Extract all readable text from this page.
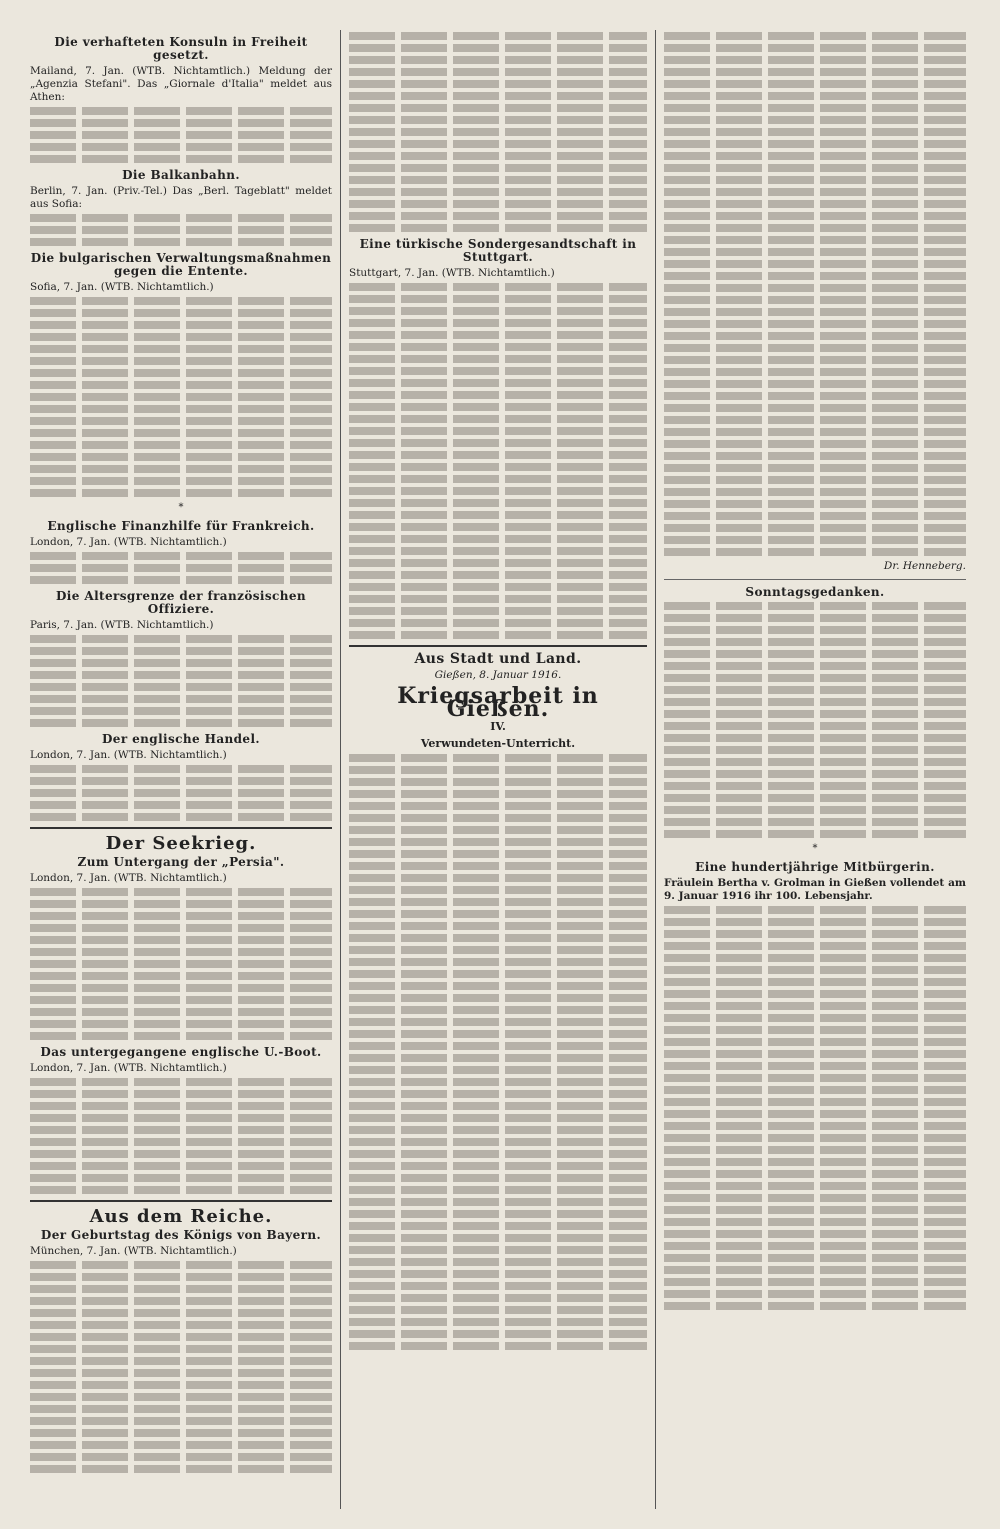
Die verhafteten Konsuln in Freiheit gesetzt.

Mailand, 7. Jan. (WTB. Nichtamtlich.) Meldung der „Agenzia Stefani". Das „Giornale d'Italia" meldet aus Athen:

Die Balkanbahn.

Berlin, 7. Jan. (Priv.-Tel.) Das „Berl. Tageblatt" meldet aus Sofia:

Die bulgarischen Verwaltungsmaßnahmen gegen die Entente.

Sofia, 7. Jan. (WTB. Nichtamtlich.)

*
Englische Finanzhilfe für Frankreich.

London, 7. Jan. (WTB. Nichtamtlich.)

Die Altersgrenze der französischen Offiziere.

Paris, 7. Jan. (WTB. Nichtamtlich.)

Der englische Handel.

London, 7. Jan. (WTB. Nichtamtlich.)

Der Seekrieg.
Zum Untergang der „Persia".

London, 7. Jan. (WTB. Nichtamtlich.)

Das untergegangene englische U.-Boot.

London, 7. Jan. (WTB. Nichtamtlich.)

Aus dem Reiche.
Der Geburtstag des Königs von Bayern.

München, 7. Jan. (WTB. Nichtamtlich.)

Eine türkische Sondergesandtschaft in Stuttgart.

Stuttgart, 7. Jan. (WTB. Nichtamtlich.)

Aus Stadt und Land.
Gießen, 8. Januar 1916.
Kriegsarbeit in Gießen.
IV.
Verwundeten-Unterricht.
Dr. Henneberg.
Sonntagsgedanken.
*
Eine hundertjährige Mitbürgerin.

Fräulein Bertha v. Grolman in Gießen vollendet am 9. Januar 1916 ihr 100. Lebensjahr.
